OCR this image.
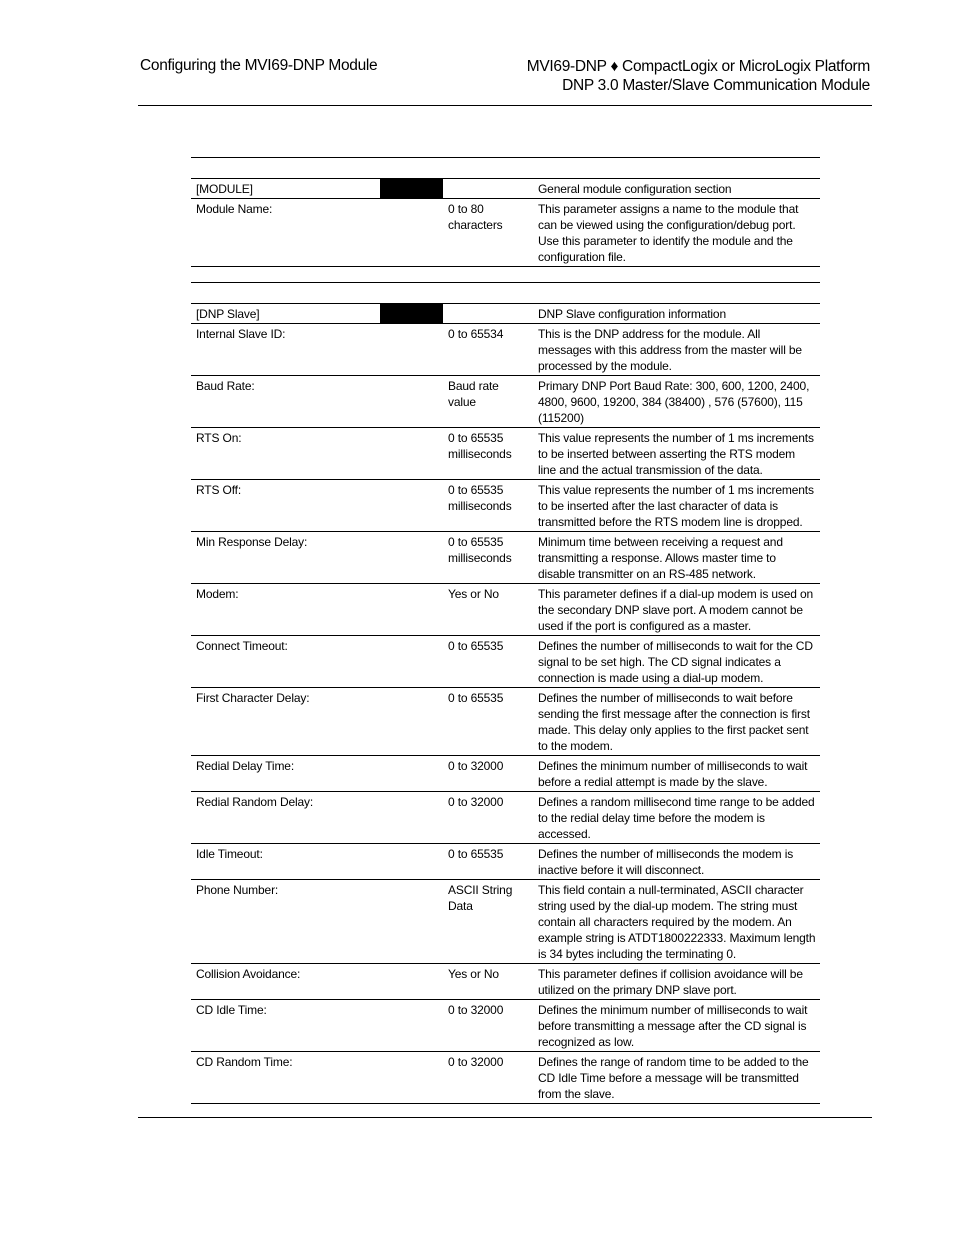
Configuring the MVI69-DNP Module	MVI69-DNP ♦ CompactLogix or MicroLogix Platform
DNP 3.0 Master/Slave Communication Module
[MODULE]			General module configuration section
Module Name:		0 to 80 characters	This parameter assigns a name to the module that can be viewed using the configuration/debug port. Use this parameter to identify the module and the configuration file.
[DNP Slave]			DNP Slave configuration information
Internal Slave ID:		0 to 65534	This is the DNP address for the module. All messages with this address from the master will be processed by the module.
Baud Rate:		Baud rate value	Primary DNP Port Baud Rate: 300, 600, 1200, 2400, 4800, 9600, 19200, 384 (38400) , 576 (57600), 115 (115200)
RTS On:		0 to 65535 milliseconds	This value represents the number of 1 ms increments to be inserted between asserting the RTS modem line and the actual transmission of the data.
RTS Off:		0 to 65535 milliseconds	This value represents the number of 1 ms increments to be inserted after the last character of data is transmitted before the RTS modem line is dropped.
Min Response Delay:		0 to 65535 milliseconds	Minimum time between receiving a request and transmitting a response. Allows master time to disable transmitter on an RS-485 network.
Modem:		Yes or No	This parameter defines if a dial-up modem is used on the secondary DNP slave port. A modem cannot be used if the port is configured as a master.
Connect Timeout:		0 to 65535	Defines the number of milliseconds to wait for the CD signal to be set high. The CD signal indicates a connection is made using a dial-up modem.
First Character Delay:		0 to 65535	Defines the number of milliseconds to wait before sending the first message after the connection is first made. This delay only applies to the first packet sent to the modem.
Redial Delay Time:		0 to 32000	Defines the minimum number of milliseconds to wait before a redial attempt is made by the slave.
Redial Random Delay:		0 to 32000	Defines a random millisecond time range to be added to the redial delay time before the modem is accessed.
Idle Timeout:		0 to 65535	Defines the number of milliseconds the modem is inactive before it will disconnect.
Phone Number:		ASCII String Data	This field contain a null-terminated, ASCII character string used by the dial-up modem. The string must contain all characters required by the modem. An example string is ATDT1800222333. Maximum length is 34 bytes including the terminating 0.
Collision Avoidance:		Yes or No	This parameter defines if collision avoidance will be utilized on the primary DNP slave port.
CD Idle Time:		0 to 32000	Defines the minimum number of milliseconds to wait before transmitting a message after the CD signal is recognized as low.
CD Random Time:		0 to 32000	Defines the range of random time to be added to the CD Idle Time before a message will be transmitted from the slave.
